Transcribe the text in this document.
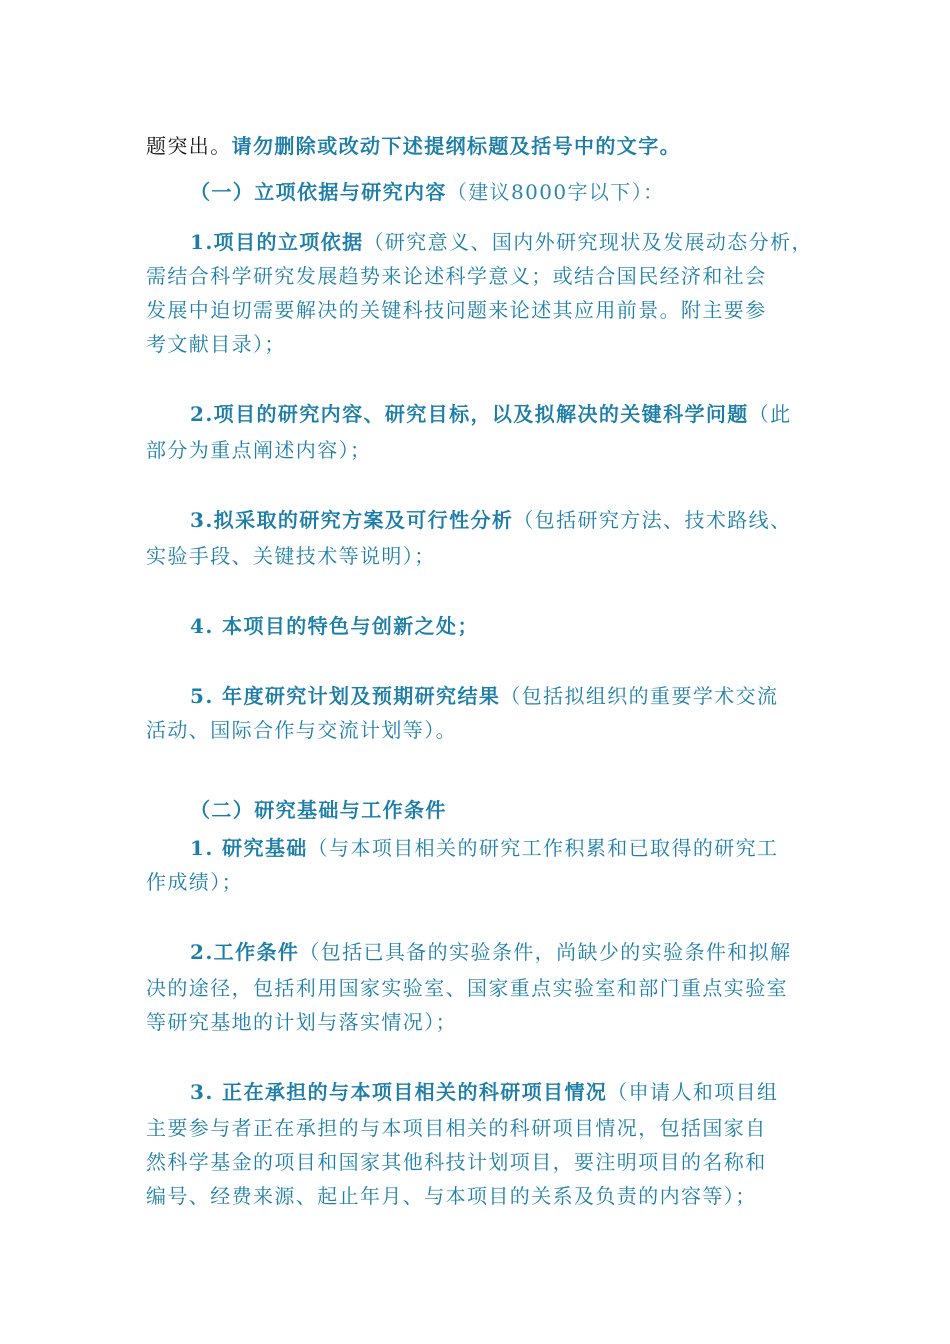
题突出。请勿删除或改动下述提纲标题及括号中的文字。
（一）立项依据与研究内容（建议8000字以下）：
1.项目的立项依据（研究意义、国内外研究现状及发展动态分析，
需结合科学研究发展趋势来论述科学意义；或结合国民经济和社会
发展中迫切需要解决的关键科技问题来论述其应用前景。附主要参
考文献目录）；
2.项目的研究内容、研究目标，以及拟解决的关键科学问题（此
部分为重点阐述内容）；
3.拟采取的研究方案及可行性分析（包括研究方法、技术路线、
实验手段、关键技术等说明）；
4. 本项目的特色与创新之处；
5. 年度研究计划及预期研究结果（包括拟组织的重要学术交流
活动、国际合作与交流计划等）。
（二）研究基础与工作条件
1. 研究基础（与本项目相关的研究工作积累和已取得的研究工
作成绩）；
2.工作条件（包括已具备的实验条件，尚缺少的实验条件和拟解
决的途径，包括利用国家实验室、国家重点实验室和部门重点实验室
等研究基地的计划与落实情况）；
3. 正在承担的与本项目相关的科研项目情况（申请人和项目组
主要参与者正在承担的与本项目相关的科研项目情况，包括国家自
然科学基金的项目和国家其他科技计划项目，要注明项目的名称和
编号、经费来源、起止年月、与本项目的关系及负责的内容等）；
